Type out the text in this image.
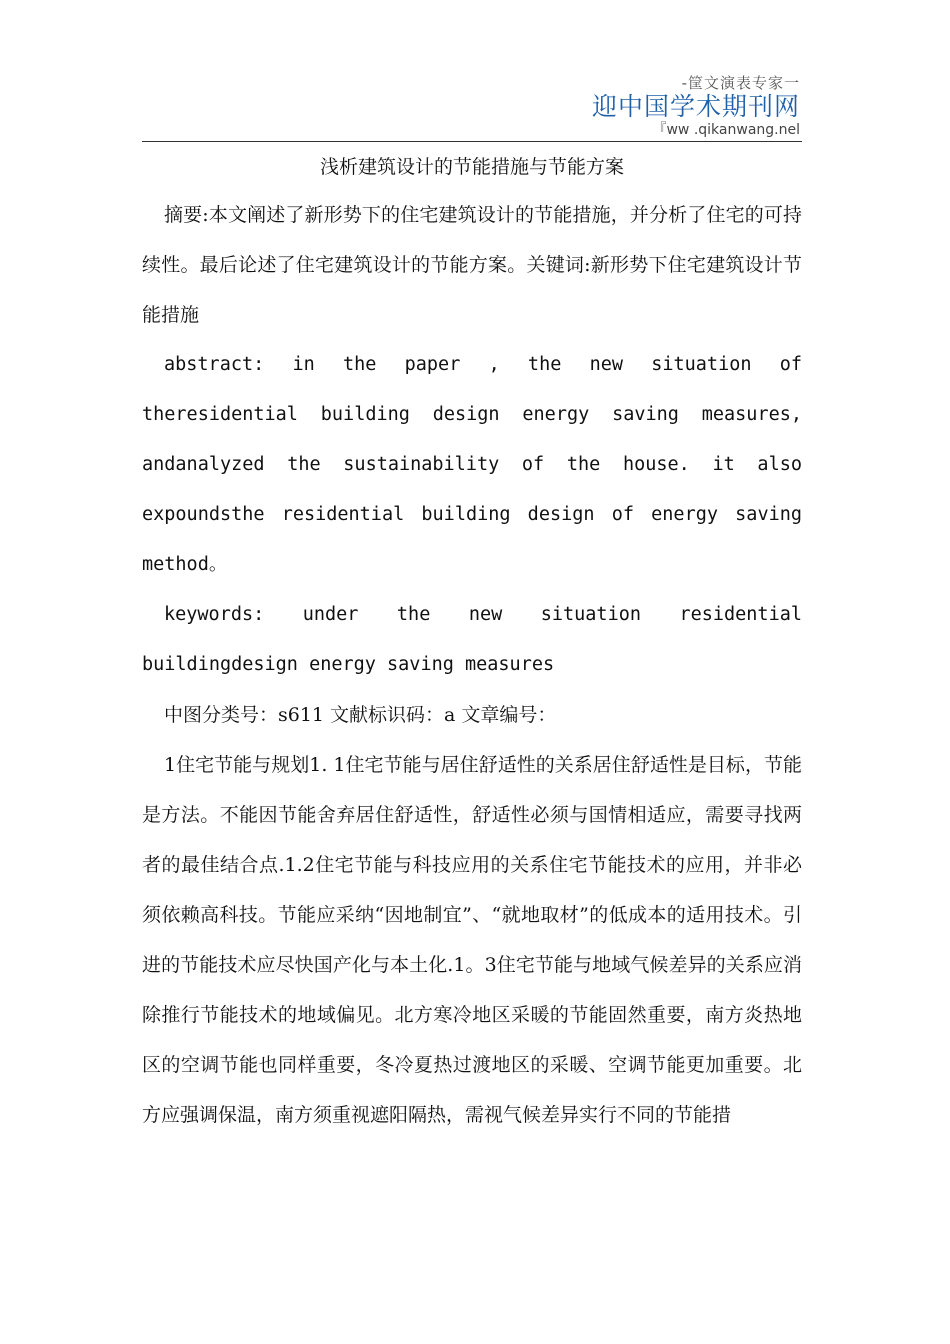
-筐文演表专家一
迎中国学术期刊网
『ww .qikanwang.nel

浅析建筑设计的节能措施与节能方案

摘要:本文阐述了新形势下的住宅建筑设计的节能措施，并分析了住宅的可持续性。最后论述了住宅建筑设计的节能方案。关键词:新形势下住宅建筑设计节能措施

abstract: in the paper , the new situation of theresidential building design energy saving measures, andanalyzed the sustainability of the house. it also expoundsthe residential building design of energy saving method。

keywords: under the new situation residential buildingdesign energy saving measures

中图分类号：s611 文献标识码：a 文章编号：

1住宅节能与规划1. 1住宅节能与居住舒适性的关系居住舒适性是目标，节能是方法。不能因节能舍弃居住舒适性，舒适性必须与国情相适应，需要寻找两者的最佳结合点.1.2住宅节能与科技应用的关系住宅节能技术的应用，并非必须依赖高科技。节能应采纳“因地制宜”、“就地取材”的低成本的适用技术。引进的节能技术应尽快国产化与本土化.1。3住宅节能与地域气候差异的关系应消除推行节能技术的地域偏见。北方寒冷地区采暖的节能固然重要，南方炎热地区的空调节能也同样重要，冬冷夏热过渡地区的采暖、空调节能更加重要。北方应强调保温，南方须重视遮阳隔热，需视气候差异实行不同的节能措
